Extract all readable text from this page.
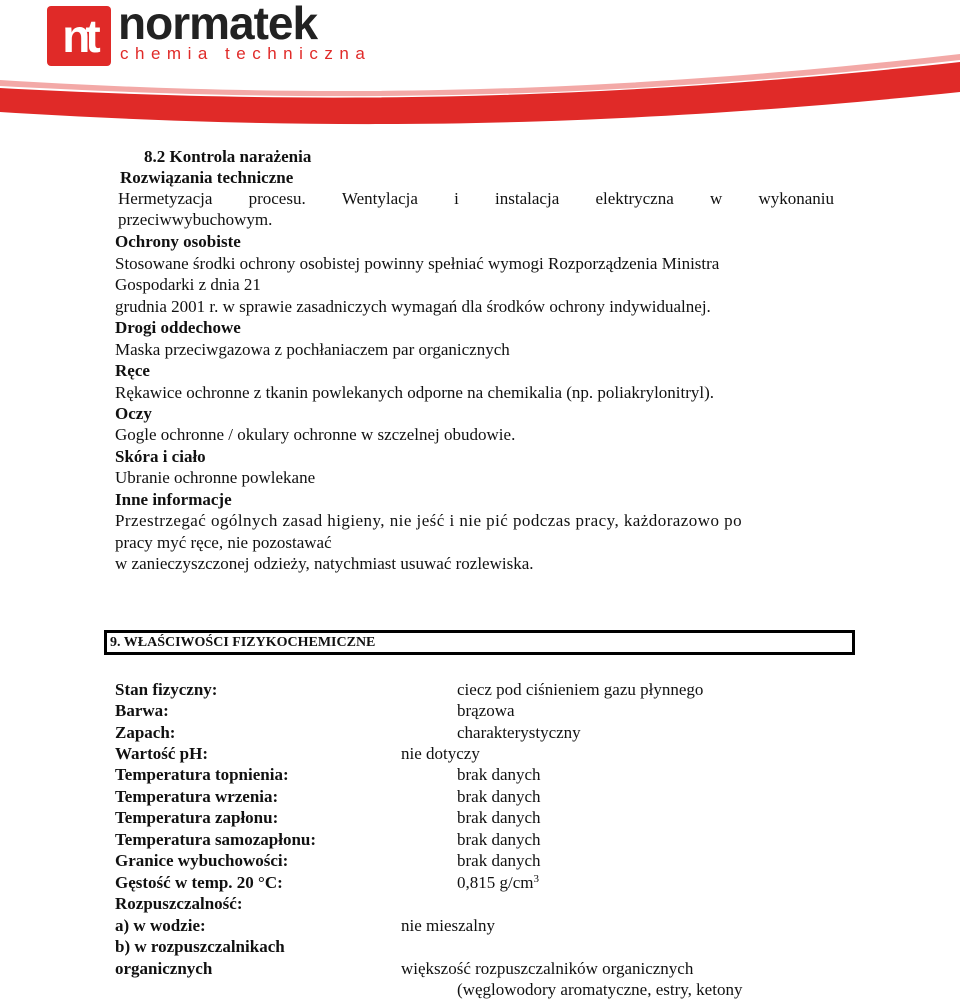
nt normatek
chemia techniczna
8.2 Kontrola narażenia
Rozwiązania techniczne
Hermetyzacja procesu. Wentylacja i instalacja elektryczna w wykonaniu
przeciwwybuchowym.
Ochrony osobiste
Stosowane środki ochrony osobistej powinny spełniać wymogi Rozporządzenia Ministra
Gospodarki z dnia 21
grudnia 2001 r. w sprawie zasadniczych wymagań dla środków ochrony indywidualnej.
Drogi oddechowe
Maska przeciwgazowa z pochłaniaczem par organicznych
Ręce
Rękawice ochronne z tkanin powlekanych odporne na chemikalia (np. poliakrylonitryl).
Oczy
Gogle ochronne / okulary ochronne w szczelnej obudowie.
Skóra i ciało
Ubranie ochronne powlekane
Inne informacje
Przestrzegać ogólnych zasad higieny, nie jeść i nie pić podczas pracy, każdorazowo po
pracy myć ręce, nie pozostawać
w zanieczyszczonej odzieży, natychmiast usuwać rozlewiska.
9. WŁAŚCIWOŚCI FIZYKOCHEMICZNE
Stan fizyczny:	ciecz pod ciśnieniem gazu płynnego
Barwa:	brązowa
Zapach:	charakterystyczny
Wartość pH:	nie dotyczy
Temperatura topnienia:	brak danych
Temperatura wrzenia:	brak danych
Temperatura zapłonu:	brak danych
Temperatura samozapłonu:	brak danych
Granice wybuchowości:	brak danych
Gęstość w temp. 20 °C:	0,815 $g/cm^3$
Rozpuszczalność:
a) w wodzie:	nie mieszalny
b) w rozpuszczalnikach
organicznych	większość rozpuszczalników organicznych
(węglowodory aromatyczne, estry, ketony
